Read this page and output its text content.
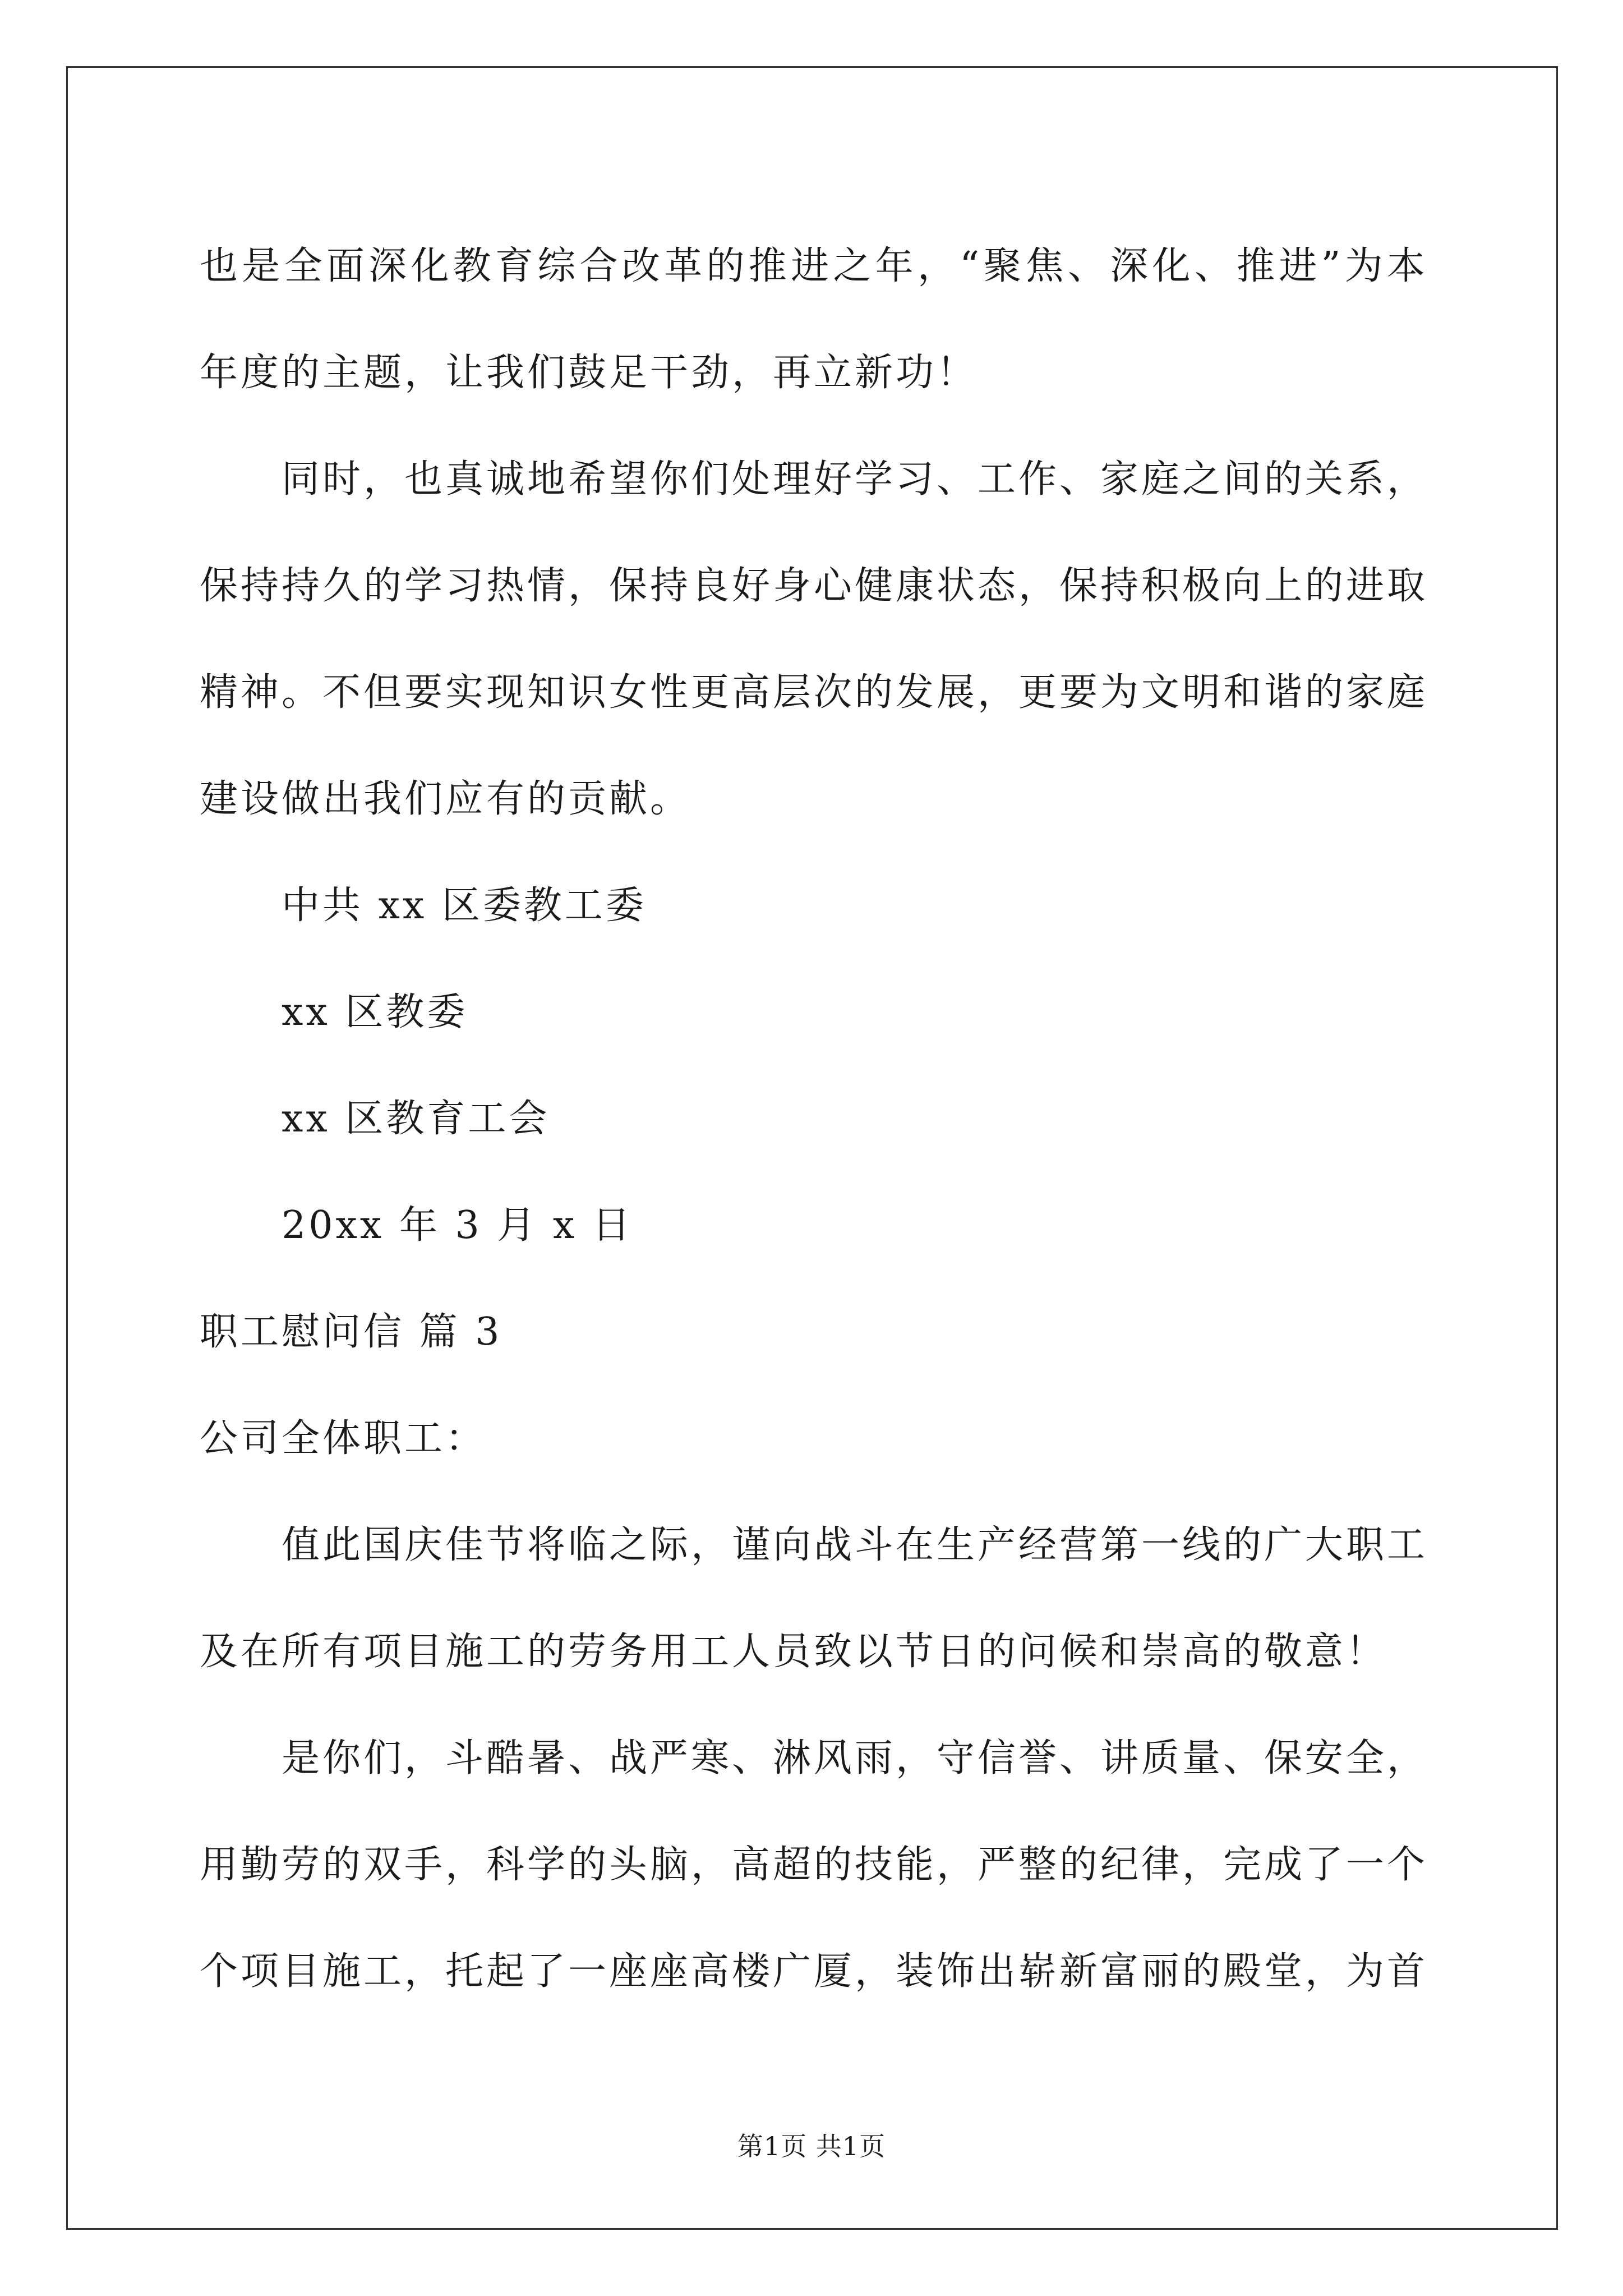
也是全面深化教育综合改革的推进之年，“聚焦、深化、推进”为本
年度的主题，让我们鼓足干劲，再立新功！
同时，也真诚地希望你们处理好学习、工作、家庭之间的关系，
保持持久的学习热情，保持良好身心健康状态，保持积极向上的进取
精神。不但要实现知识女性更高层次的发展，更要为文明和谐的家庭
建设做出我们应有的贡献。
中共 xx 区委教工委
xx 区教委
xx 区教育工会
20xx 年 3 月 x 日
职工慰问信 篇 3
公司全体职工：
值此国庆佳节将临之际，谨向战斗在生产经营第一线的广大职工
及在所有项目施工的劳务用工人员致以节日的问候和崇高的敬意！
是你们，斗酷暑、战严寒、淋风雨，守信誉、讲质量、保安全，
用勤劳的双手，科学的头脑，高超的技能，严整的纪律，完成了一个
个项目施工，托起了一座座高楼广厦，装饰出崭新富丽的殿堂，为首
第1页 共1页
